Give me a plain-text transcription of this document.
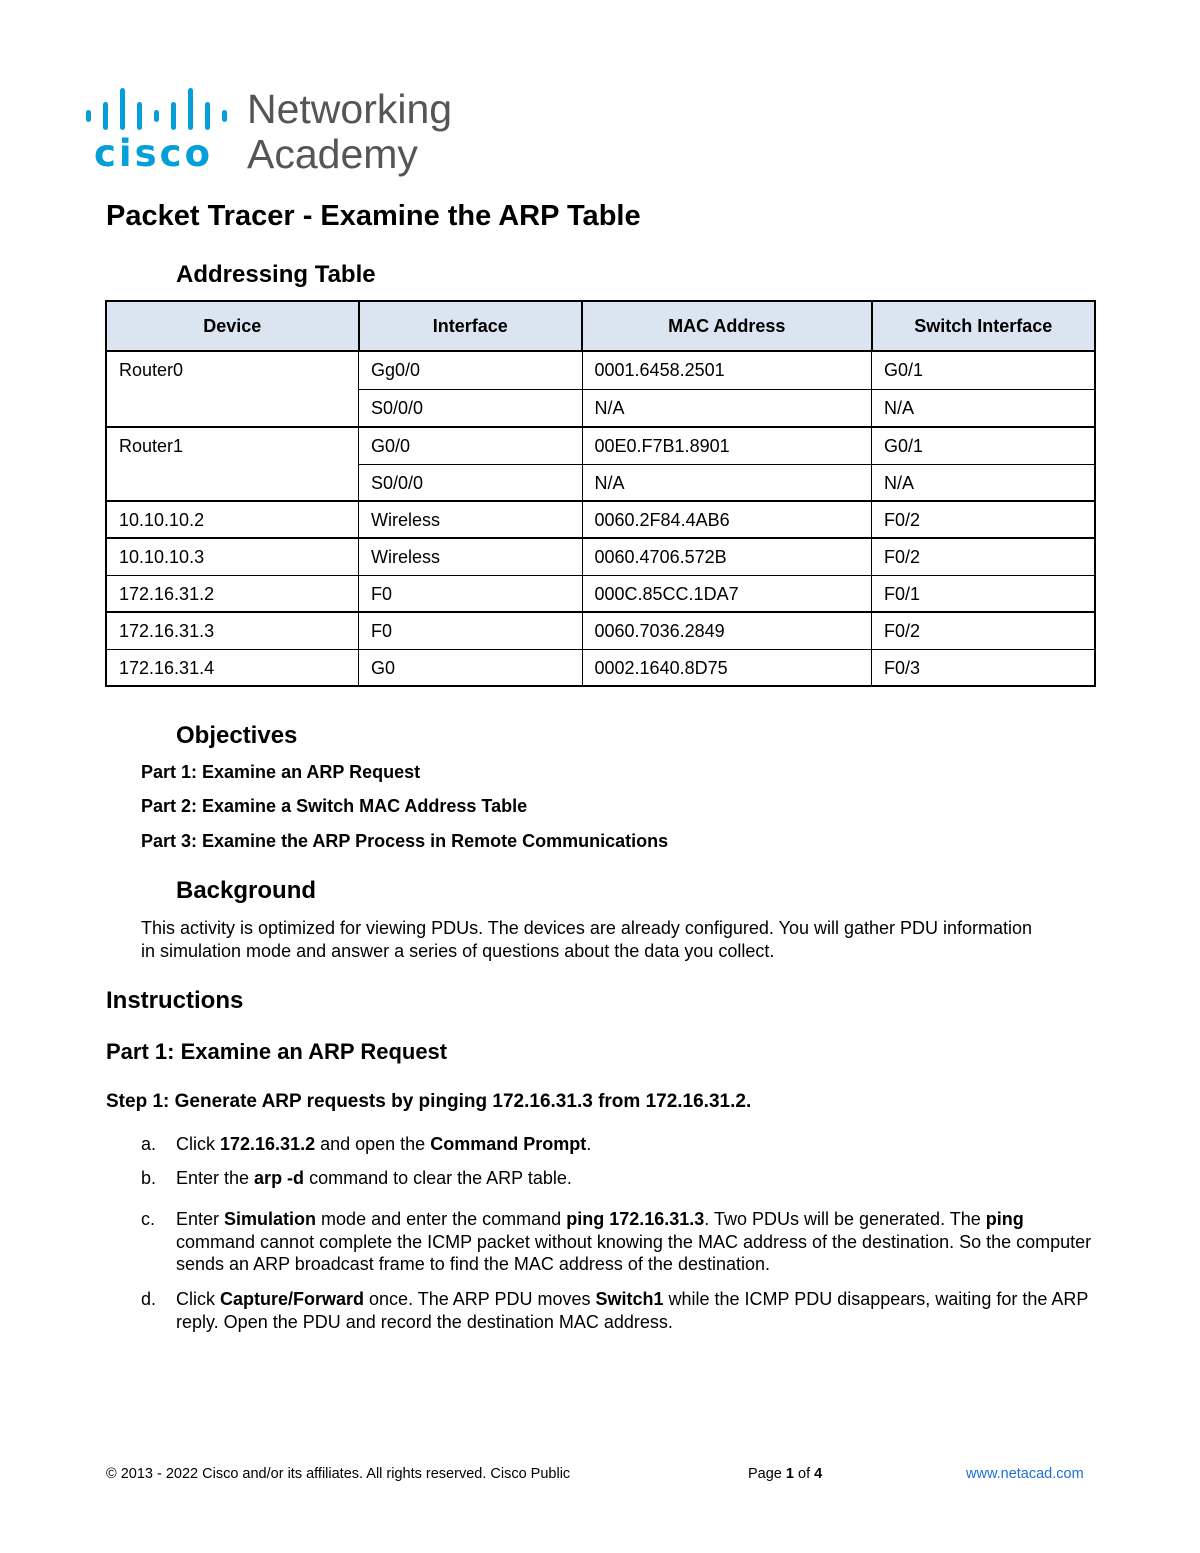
cisco
Networking
Academy
Packet Tracer - Examine the ARP Table
Addressing Table
Device	Interface	MAC Address	Switch Interface
Router0	Gg0/0	0001.6458.2501	G0/1
	S0/0/0	N/A	N/A
Router1	G0/0	00E0.F7B1.8901	G0/1
	S0/0/0	N/A	N/A
10.10.10.2	Wireless	0060.2F84.4AB6	F0/2
10.10.10.3	Wireless	0060.4706.572B	F0/2
172.16.31.2	F0	000C.85CC.1DA7	F0/1
172.16.31.3	F0	0060.7036.2849	F0/2
172.16.31.4	G0	0002.1640.8D75	F0/3
Objectives

Part 1: Examine an ARP Request

Part 2: Examine a Switch MAC Address Table

Part 3: Examine the ARP Process in Remote Communications

Background

This activity is optimized for viewing PDUs. The devices are already configured. You will gather PDU information in simulation mode and answer a series of questions about the data you collect.

Instructions
Part 1: Examine an ARP Request

Step 1: Generate ARP requests by pinging 172.16.31.3 from 172.16.31.2.

a. Click 172.16.31.2 and open the Command Prompt.
b. Enter the arp -d command to clear the ARP table.
c. Enter Simulation mode and enter the command ping 172.16.31.3. Two PDUs will be generated. The ping command cannot complete the ICMP packet without knowing the MAC address of the destination. So the computer sends an ARP broadcast frame to find the MAC address of the destination.
d. Click Capture/Forward once. The ARP PDU moves Switch1 while the ICMP PDU disappears, waiting for the ARP reply. Open the PDU and record the destination MAC address.
© 2013 - 2022 Cisco and/or its affiliates. All rights reserved. Cisco Public	Page 1 of 4	www.netacad.com
